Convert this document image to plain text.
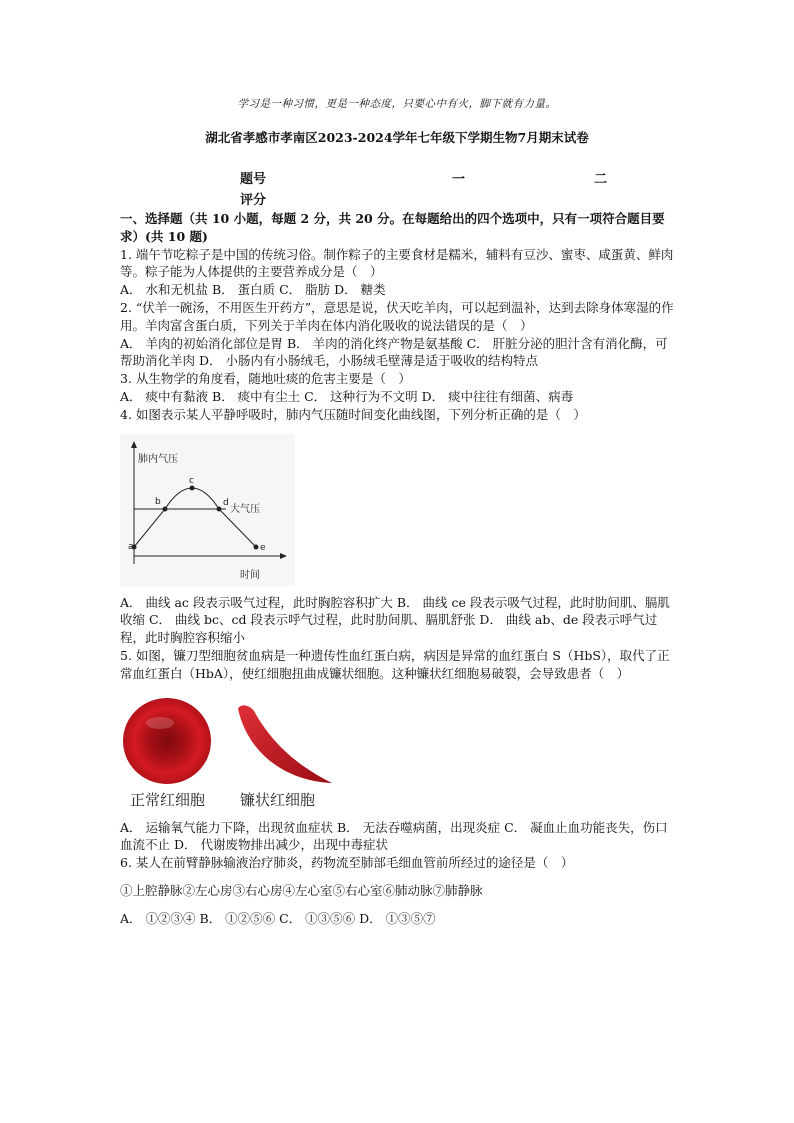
学习是一种习惯，更是一种态度，只要心中有火，脚下就有力量。
湖北省孝感市孝南区2023-2024学年七年级下学期生物7月期末试卷
题号	一	二
评分

一、选择题（共 10 小题，每题 2 分，共 20 分。在每题给出的四个选项中，只有一项符合题目要求）(共 10 题)

1. 端午节吃粽子是中国的传统习俗。制作粽子的主要食材是糯米，辅料有豆沙、蜜枣、咸蛋黄、鲜肉等。粽子能为人体提供的主要营养成分是（　）

A． 水和无机盐 B． 蛋白质 C． 脂肪 D． 糖类

2. “伏羊一碗汤，不用医生开药方”，意思是说，伏天吃羊肉，可以起到温补，达到去除身体寒湿的作用。羊肉富含蛋白质，下列关于羊肉在体内消化吸收的说法错误的是（　）

A． 羊肉的初始消化部位是胃 B． 羊肉的消化终产物是氨基酸 C． 肝脏分泌的胆汁含有消化酶，可帮助消化羊肉 D． 小肠内有小肠绒毛，小肠绒毛壁薄是适于吸收的结构特点

3. 从生物学的角度看，随地吐痰的危害主要是（　）

A． 痰中有黏液 B． 痰中有尘土 C． 这种行为不文明 D． 痰中往往有细菌、病毒

4. 如图表示某人平静呼吸时，肺内气压随时间变化曲线图，下列分析正确的是（　）

肺内气压
时间
大气压
a
b
c
d
e

A． 曲线 ac 段表示吸气过程，此时胸腔容积扩大 B． 曲线 ce 段表示吸气过程，此时肋间肌、膈肌收缩 C． 曲线 bc、cd 段表示呼气过程，此时肋间肌、膈肌舒张 D． 曲线 ab、de 段表示呼气过程，此时胸腔容积缩小

5. 如图，镰刀型细胞贫血病是一种遗传性血红蛋白病，病因是异常的血红蛋白 S（HbS），取代了正常血红蛋白（HbA），使红细胞扭曲成镰状细胞。这种镰状红细胞易破裂，会导致患者（　）

正常红细胞 镰状红细胞

A． 运输氧气能力下降，出现贫血症状 B． 无法吞噬病菌，出现炎症 C． 凝血止血功能丧失，伤口血流不止 D． 代谢废物排出减少，出现中毒症状

6. 某人在前臂静脉输液治疗肺炎，药物流至肺部毛细血管前所经过的途径是（　）

①上腔静脉②左心房③右心房④左心室⑤右心室⑥肺动脉⑦肺静脉

A． ①②③④ B． ①②⑤⑥ C． ①③⑤⑥ D． ①③⑤⑦
